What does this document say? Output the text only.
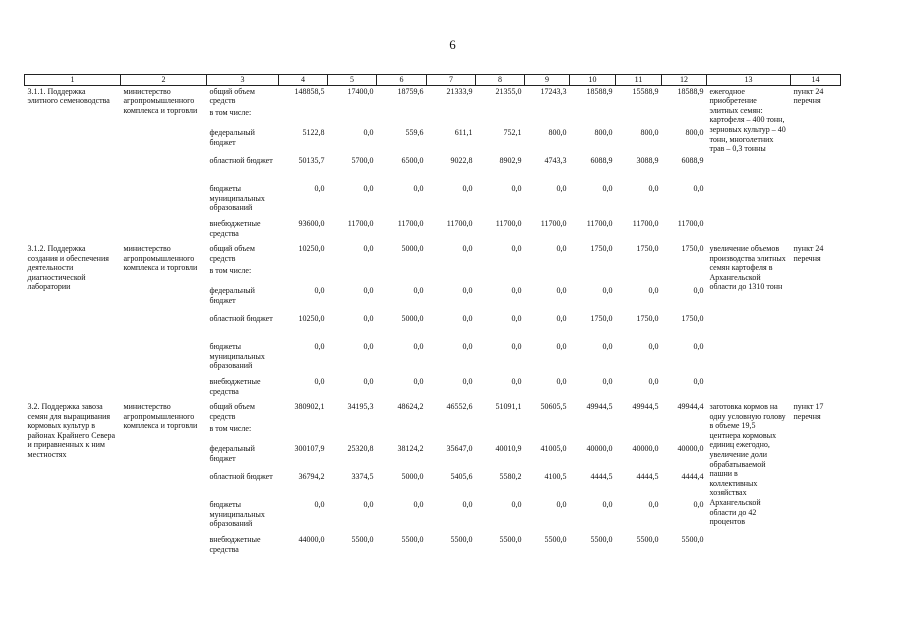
6
1	2	3	4	5	6	7	8	9	10	11	12	13	14
3.1.1. Поддержка элитного семеноводства	министерство агропромышленного комплекса и торговли	общий объем средств	148858,5	17400,0	18759,6	21333,9	21355,0	17243,3	18588,9	15588,9	18588,9	ежегодное приобретение элитных семян: картофеля – 400 тонн, зерновых культур – 40 тонн, многолетних трав – 0,3 тонны	пункт 24 перечня
		в том числе:											
		федеральный бюджет	5122,8	0,0	559,6	611,1	752,1	800,0	800,0	800,0	800,0		
		областной бюджет	50135,7	5700,0	6500,0	9022,8	8902,9	4743,3	6088,9	3088,9	6088,9		
		бюджеты муниципальных образований	0,0	0,0	0,0	0,0	0,0	0,0	0,0	0,0	0,0		
		внебюджетные средства	93600,0	11700,0	11700,0	11700,0	11700,0	11700,0	11700,0	11700,0	11700,0		
3.1.2. Поддержка создания и обеспечения деятельности диагностической лаборатории	министерство агропромышленного комплекса и торговли	общий объем средств	10250,0	0,0	5000,0	0,0	0,0	0,0	1750,0	1750,0	1750,0	увеличение объемов производства элитных семян картофеля в Архангельской области до 1310 тонн	пункт 24 перечня
		в том числе:											
		федеральный бюджет	0,0	0,0	0,0	0,0	0,0	0,0	0,0	0,0	0,0		
		областной бюджет	10250,0	0,0	5000,0	0,0	0,0	0,0	1750,0	1750,0	1750,0		
		бюджеты муниципальных образований	0,0	0,0	0,0	0,0	0,0	0,0	0,0	0,0	0,0		
		внебюджетные средства	0,0	0,0	0,0	0,0	0,0	0,0	0,0	0,0	0,0		
3.2. Поддержка завоза семян для выращивания кормовых культур в районах Крайнего Севера и приравненных к ним местностях	министерство агропромышленного комплекса и торговли	общий объем средств	380902,1	34195,3	48624,2	46552,6	51091,1	50605,5	49944,5	49944,5	49944,4	заготовка кормов на одну условную голову в объеме 19,5 центнера кормовых единиц ежегодно, увеличение доли обрабатываемой пашни в коллективных хозяйствах Архангельской области до 42 процентов	пункт 17 перечня
		в том числе:											
		федеральный бюджет	300107,9	25320,8	38124,2	35647,0	40010,9	41005,0	40000,0	40000,0	40000,0		
		областной бюджет	36794,2	3374,5	5000,0	5405,6	5580,2	4100,5	4444,5	4444,5	4444,4		
		бюджеты муниципальных образований	0,0	0,0	0,0	0,0	0,0	0,0	0,0	0,0	0,0		
		внебюджетные средства	44000,0	5500,0	5500,0	5500,0	5500,0	5500,0	5500,0	5500,0	5500,0		
